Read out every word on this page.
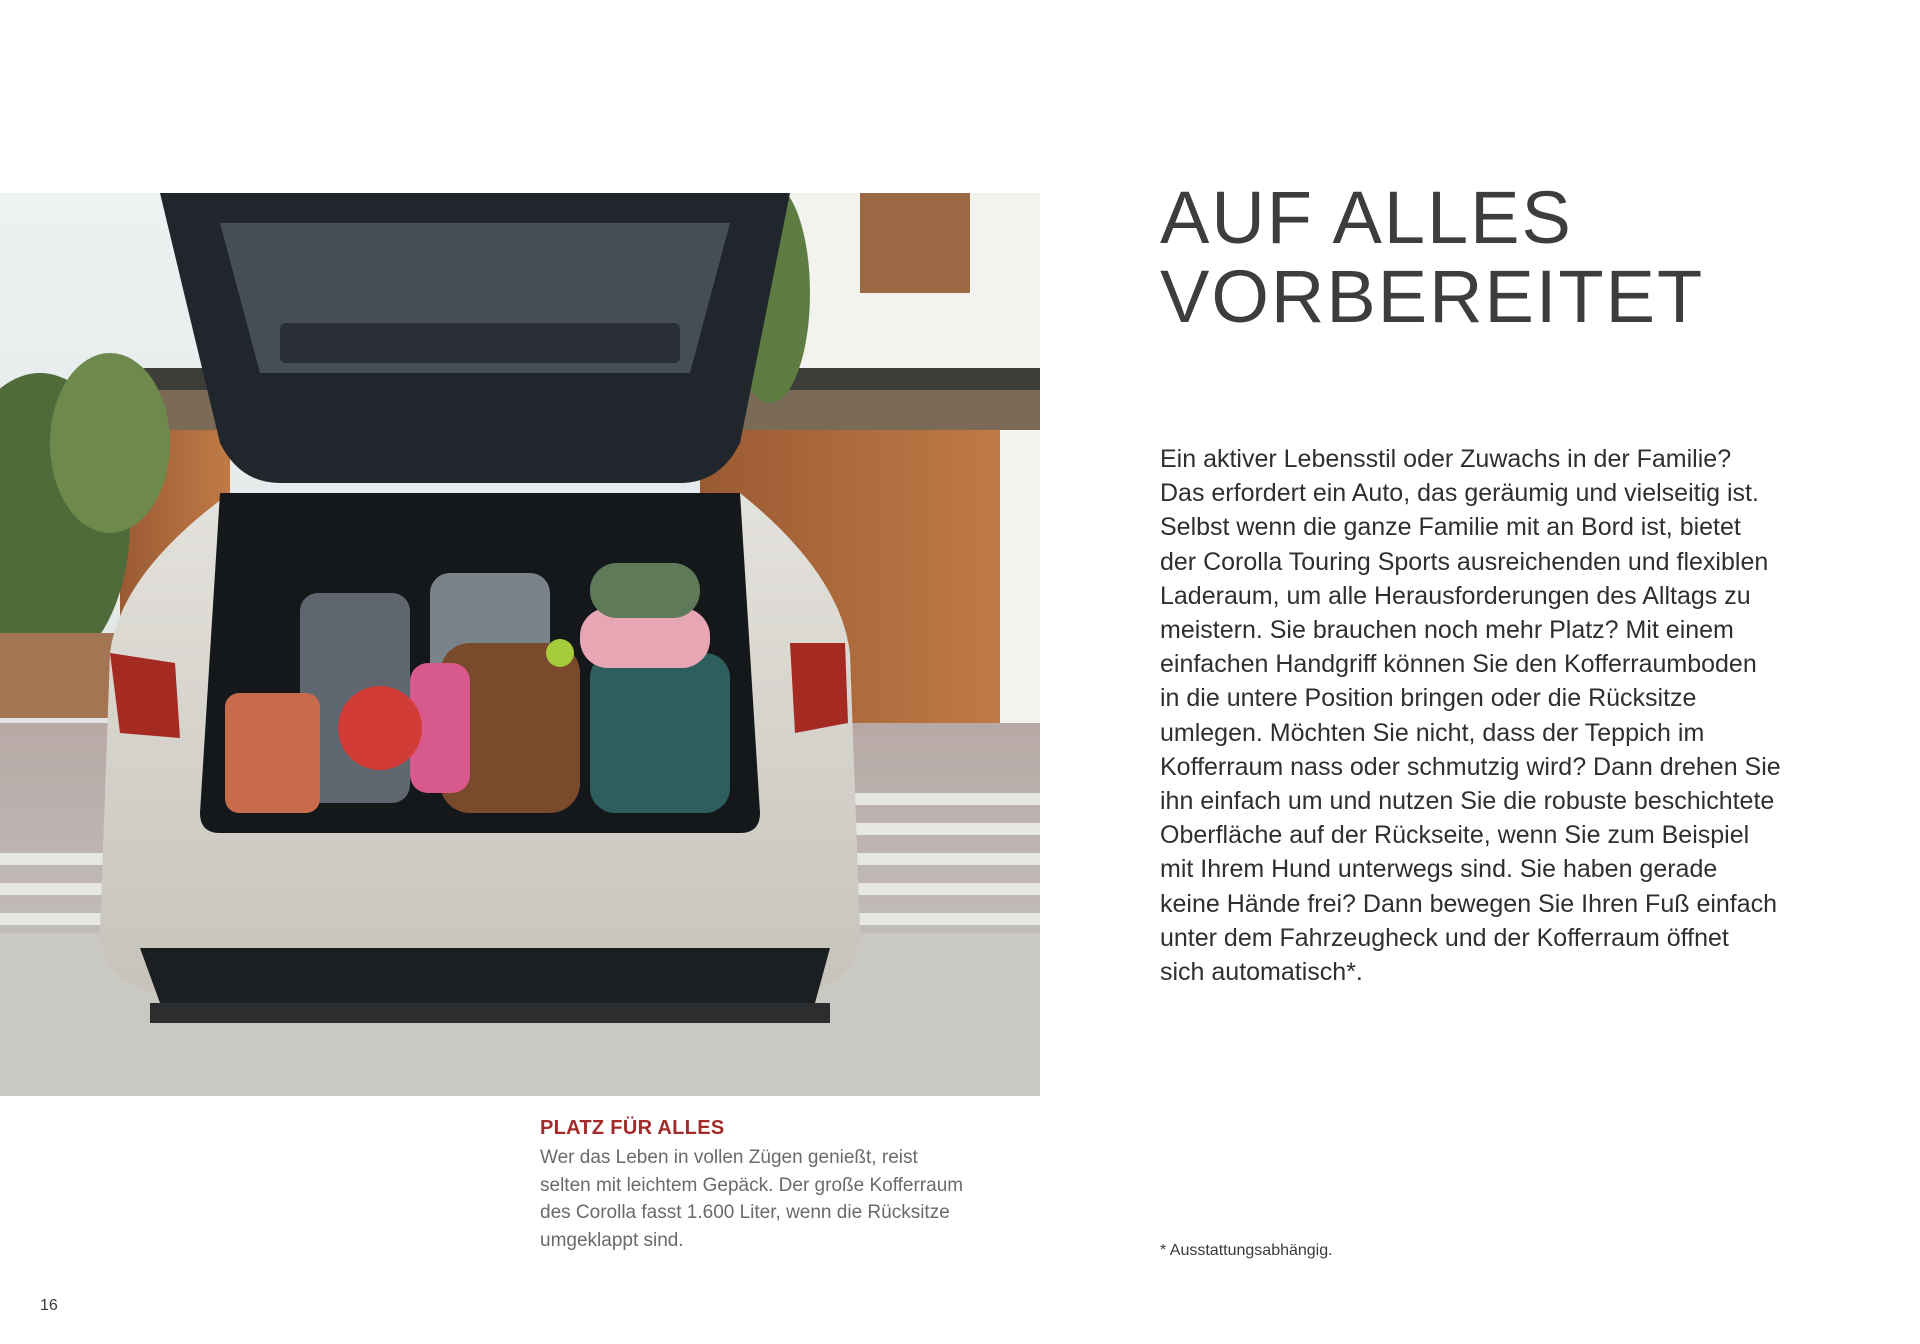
AUF ALLES
VORBEREITET

Ein aktiver Lebensstil oder Zuwachs in der Familie?
Das erfordert ein Auto, das geräumig und vielseitig ist.
Selbst wenn die ganze Familie mit an Bord ist, bietet
der Corolla Touring Sports ausreichenden und flexiblen
Laderaum, um alle Herausforderungen des Alltags zu
meistern. Sie brauchen noch mehr Platz? Mit einem
einfachen Handgriff können Sie den Kofferraumboden
in die untere Position bringen oder die Rücksitze
umlegen. Möchten Sie nicht, dass der Teppich im
Kofferraum nass oder schmutzig wird? Dann drehen Sie
ihn einfach um und nutzen Sie die robuste beschichtete
Oberfläche auf der Rückseite, wenn Sie zum Beispiel
mit Ihrem Hund unterwegs sind. Sie haben gerade
keine Hände frei? Dann bewegen Sie Ihren Fuß einfach
unter dem Fahrzeugheck und der Kofferraum öffnet
sich automatisch*.

PLATZ FÜR ALLES

Wer das Leben in vollen Zügen genießt, reist
selten mit leichtem Gepäck. Der große Kofferraum
des Corolla fasst 1.600 Liter, wenn die Rücksitze
umgeklappt sind.	* Ausstattungsabhängig.

16
